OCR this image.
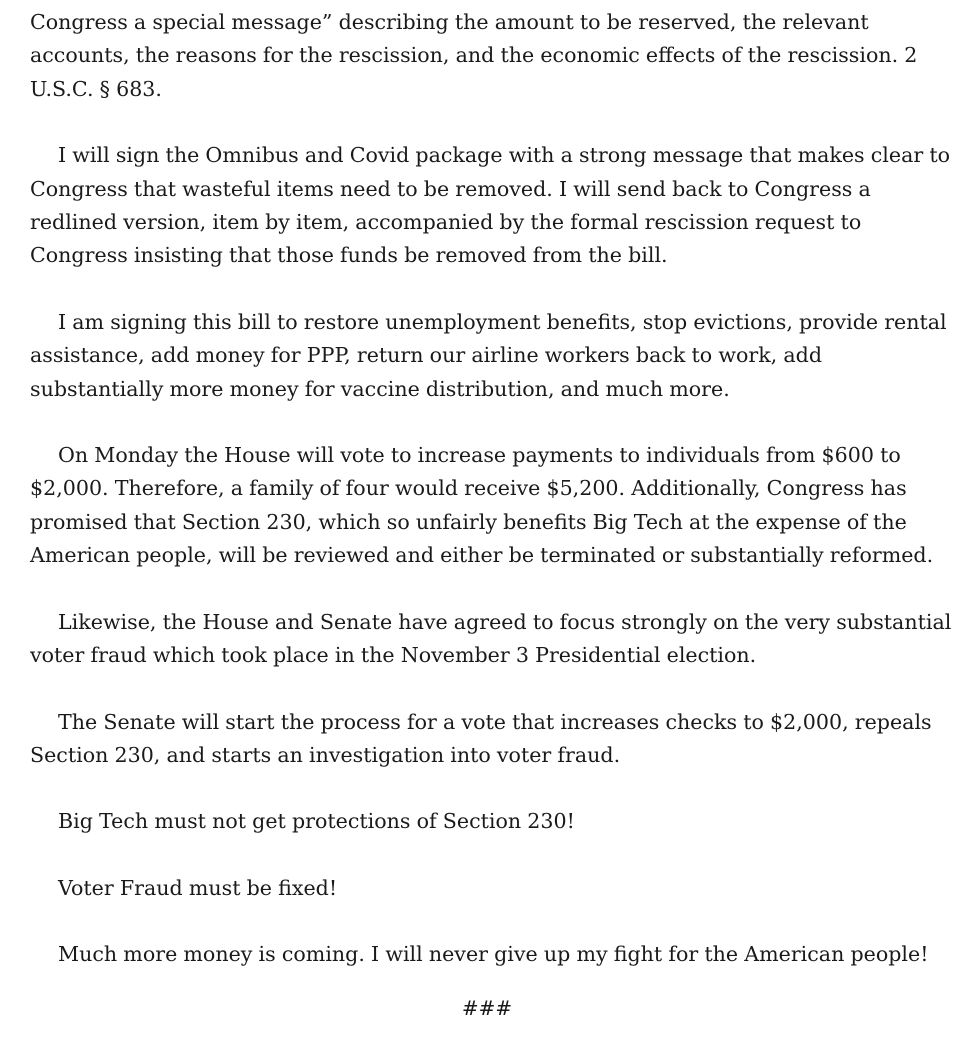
Congress a special message” describing the amount to be reserved, the relevant accounts, the reasons for the rescission, and the economic effects of the rescission. 2 U.S.C. § 683.

I will sign the Omnibus and Covid package with a strong message that makes clear to Congress that wasteful items need to be removed. I will send back to Congress a redlined version, item by item, accompanied by the formal rescission request to Congress insisting that those funds be removed from the bill.

I am signing this bill to restore unemployment benefits, stop evictions, provide rental assistance, add money for PPP, return our airline workers back to work, add substantially more money for vaccine distribution, and much more.

On Monday the House will vote to increase payments to individuals from $600 to $2,000. Therefore, a family of four would receive $5,200. Additionally, Congress has promised that Section 230, which so unfairly benefits Big Tech at the expense of the American people, will be reviewed and either be terminated or substantially reformed.

Likewise, the House and Senate have agreed to focus strongly on the very substantial voter fraud which took place in the November 3 Presidential election.

The Senate will start the process for a vote that increases checks to $2,000, repeals Section 230, and starts an investigation into voter fraud.

Big Tech must not get protections of Section 230!

Voter Fraud must be fixed!

Much more money is coming. I will never give up my fight for the American people!

###
